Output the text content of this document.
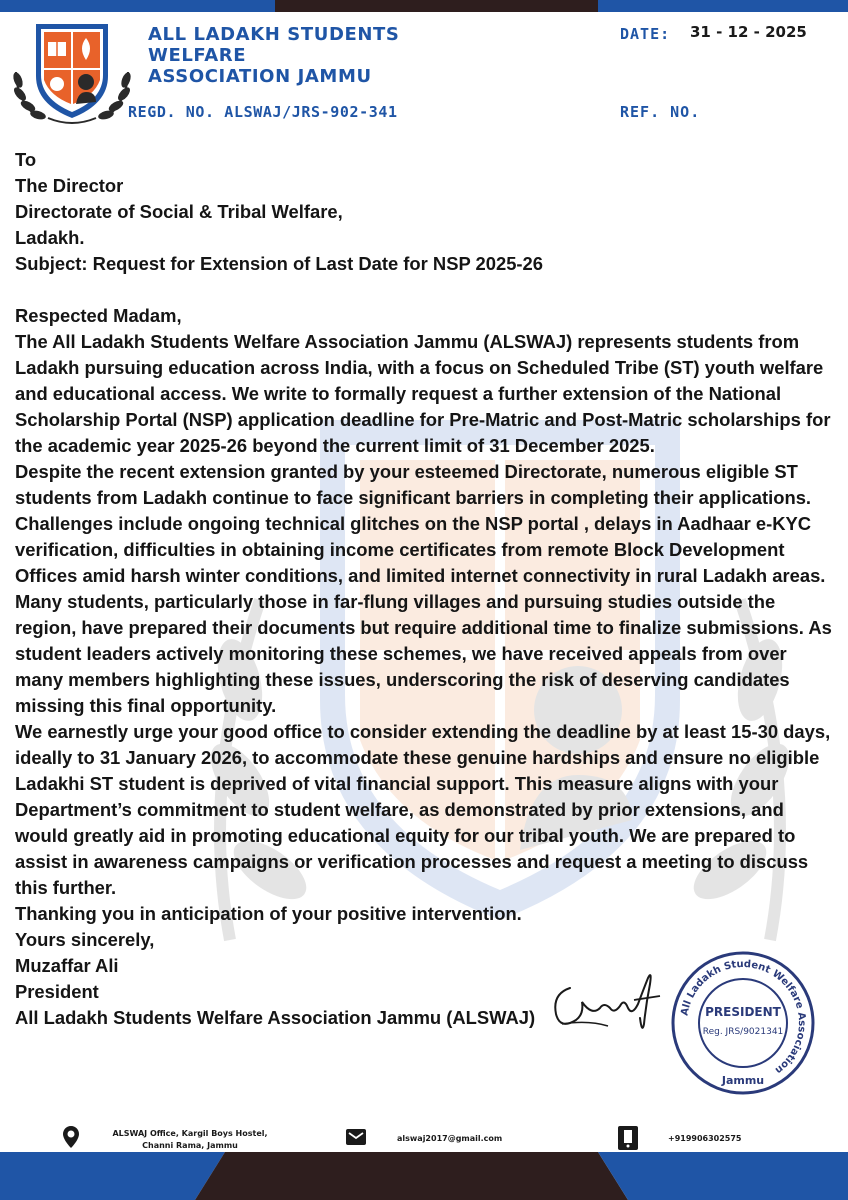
ALL LADAKH STUDENTS
WELFARE
ASSOCIATION JAMMU
REGD. NO. ALSWAJ/JRS-902-341
DATE: 31 - 12 - 2025
REF. NO.

To

The Director

Directorate of Social & Tribal Welfare,

Ladakh.

Subject: Request for Extension of Last Date for NSP 2025-26

Respected Madam,

The All Ladakh Students Welfare Association Jammu (ALSWAJ) represents students from Ladakh pursuing education across India, with a focus on Scheduled Tribe (ST) youth welfare and educational access. We write to formally request a further extension of the National Scholarship Portal (NSP) application deadline for Pre-Matric and Post-Matric scholarships for the academic year 2025-26 beyond the current limit of 31 December 2025.

Despite the recent extension granted by your esteemed Directorate, numerous eligible ST students from Ladakh continue to face significant barriers in completing their applications. Challenges include ongoing technical glitches on the NSP portal , delays in Aadhaar e-KYC verification, difficulties in obtaining income certificates from remote Block Development Offices amid harsh winter conditions, and limited internet connectivity in rural Ladakh areas. Many students, particularly those in far-flung villages and pursuing studies outside the region, have prepared their documents but require additional time to finalize submissions. As student leaders actively monitoring these schemes, we have received appeals from over many members highlighting these issues, underscoring the risk of deserving candidates missing this final opportunity.

We earnestly urge your good office to consider extending the deadline by at least 15-30 days, ideally to 31 January 2026, to accommodate these genuine hardships and ensure no eligible Ladakhi ST student is deprived of vital financial support. This measure aligns with your Department’s commitment to student welfare, as demonstrated by prior extensions, and would greatly aid in promoting educational equity for our tribal youth. We are prepared to assist in awareness campaigns or verification processes and request a meeting to discuss this further.

Thanking you in anticipation of your positive intervention.

Yours sincerely,

Muzaffar Ali

President

All Ladakh Students Welfare Association Jammu (ALSWAJ)	All Ladakh Student Welfare Association
PRESIDENT
Reg. JRS/9021341
Jammu
ALSWAJ Office, Kargil Boys Hostel,
Channi Rama, Jammu
alswaj2017@gmail.com	+919906302575
